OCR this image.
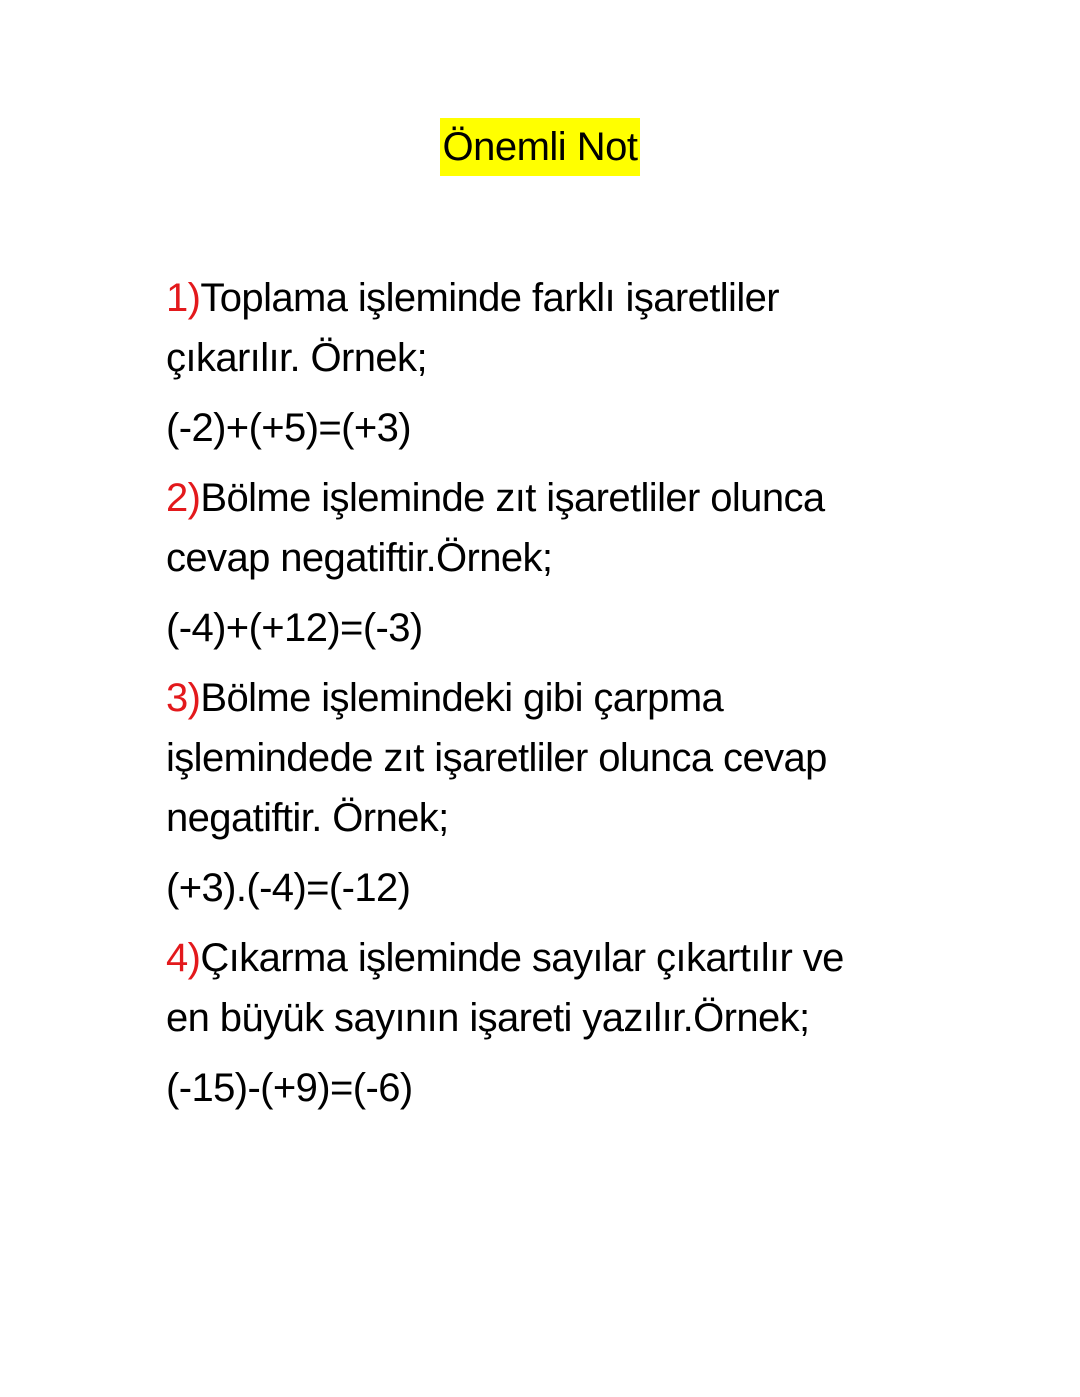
Önemli Not
1)Toplama işleminde farklı işaretliler
çıkarılır. Örnek;
(-2)+(+5)=(+3)
2)Bölme işleminde zıt işaretliler olunca
cevap negatiftir.Örnek;
(-4)+(+12)=(-3)
3)Bölme işlemindeki gibi çarpma
işlemindede zıt işaretliler olunca cevap
negatiftir. Örnek;
(+3).(-4)=(-12)
4)Çıkarma işleminde sayılar çıkartılır ve
en büyük sayının işareti yazılır.Örnek;
(-15)-(+9)=(-6)
